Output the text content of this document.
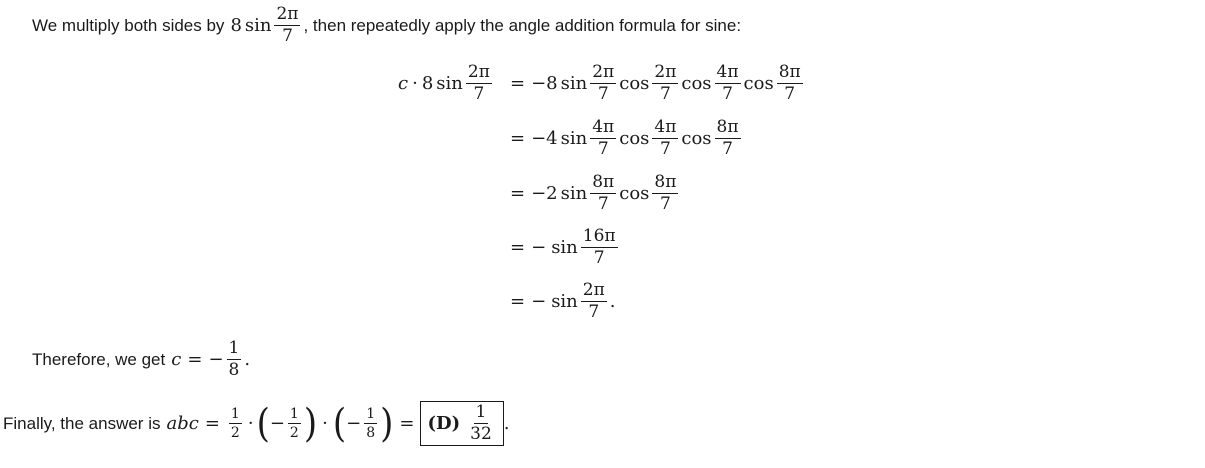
We multiply both sides by 8 $\sin \frac{2\pi}{7}$ , then repeatedly apply the angle addition formula for sine:
c · 8 $\sin \frac{2\pi}{7} = -8$ $\sin \frac{2\pi}{7}$ $\cos \frac{2\pi}{7}$ $\cos \frac{4\pi}{7}$ $\cos \frac{8\pi}{7}$
= −4 $\sin \frac{4\pi}{7}$ $\cos \frac{4\pi}{7}$ $\cos \frac{8\pi}{7}$
= −2 $\sin \frac{8\pi}{7}$ $\cos \frac{8\pi}{7}$
= − $\sin \frac{16\pi}{7}$
= − $\sin \frac{2\pi}{7}$ .
Therefore, we get c = − $\frac{1}{8}$ .
Finally, the answer is abc = $\frac{1}{2}$ · ( − $\frac{1}{2}$ ) · ( − $\frac{1}{8}$ ) = $(D) \frac{1}{32}$ .
